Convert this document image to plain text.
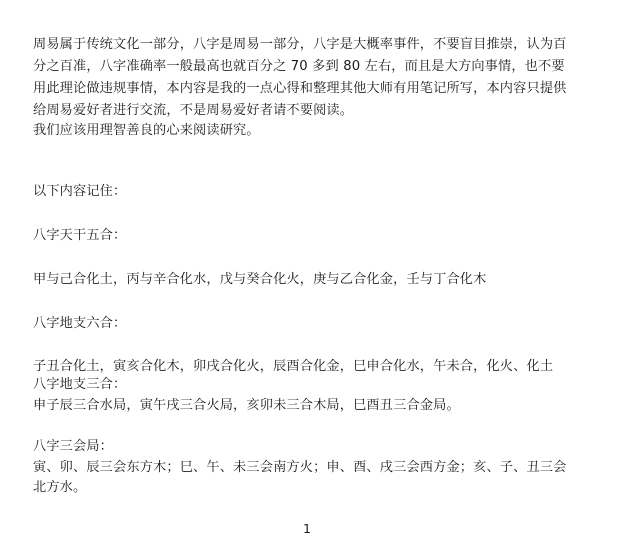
周易属于传统文化一部分，八字是周易一部分，八字是大概率事件，不要盲目推崇，认为百
分之百准，八字准确率一般最高也就百分之 70 多到 80 左右，而且是大方向事情，也不要
用此理论做违规事情，本内容是我的一点心得和整理其他大师有用笔记所写，本内容只提供
给周易爱好者进行交流，不是周易爱好者请不要阅读。
我们应该用理智善良的心来阅读研究。
以下内容记住：
八字天干五合：
甲与己合化土，丙与辛合化水，戊与癸合化火，庚与乙合化金，壬与丁合化木
八字地支六合：
子丑合化土，寅亥合化木，卯戌合化火，辰酉合化金，巳申合化水，午未合，化火、化土
八字地支三合：
申子辰三合水局，寅午戌三合火局，亥卯未三合木局，巳酉丑三合金局。
八字三会局：
寅、卯、辰三会东方木；巳、午、未三会南方火；申、酉、戌三会西方金；亥、子、丑三会
北方水。
1
